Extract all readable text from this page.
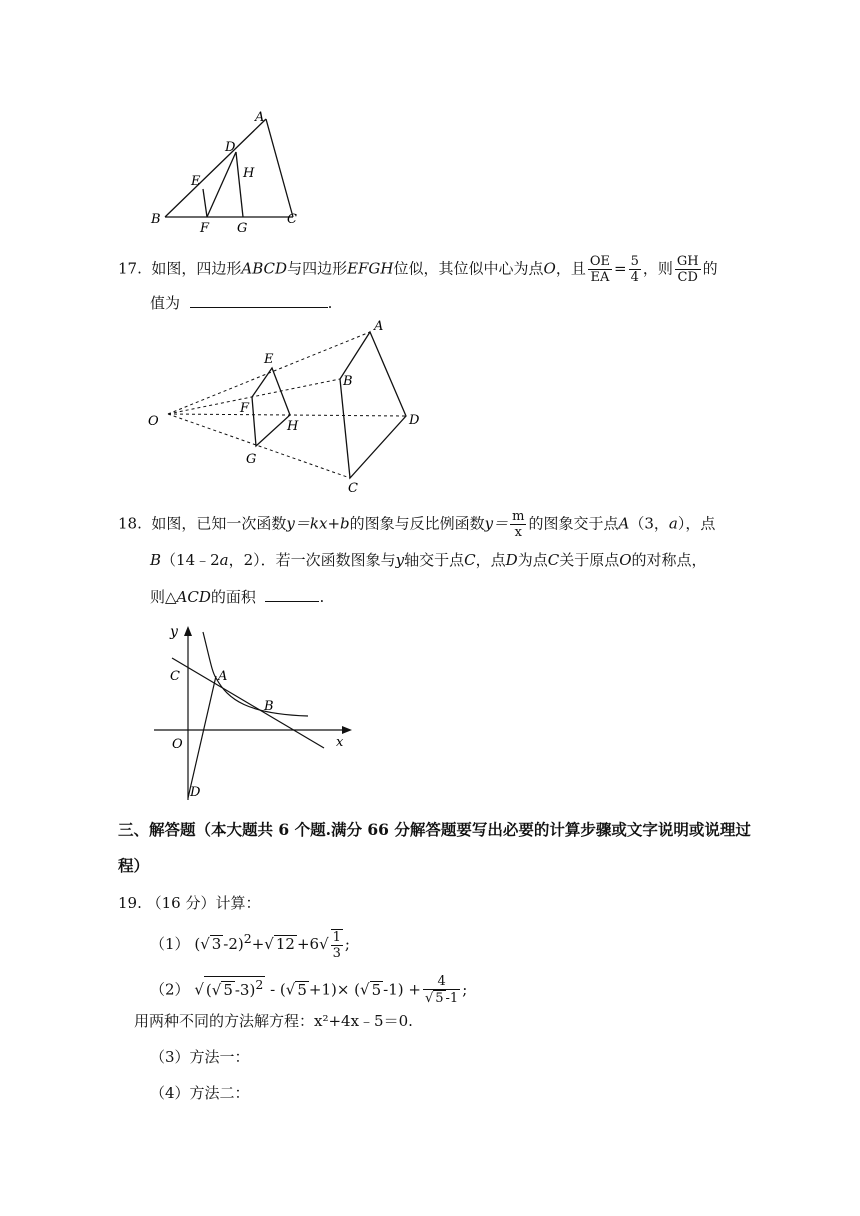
A
D
E
H
B
F G
C
17. 如图，四边形ABCD与四边形EFGH位似，其位似中心为点O，且 $\frac{OE}{EA} = \frac{5}{4}$ ，则 $\frac{GH}{CD}$ 的
值为	.
A
E
B
F
O	H	D
G
C
18. 如图，已知一次函数y＝kx+b的图象与反比例函数$y= \frac{m}{x}$ 的图象交于点A（3，a），点
B（14﹣2a，2）．若一次函数图象与y轴交于点C，点D为点C关于原点O的对称点，
则△ACD的面积	.
y
C	A
B
O	x
D
三、解答题（本大题共 6 个题.满分 66 分解答题要写出必要的计算步骤或文字说明或说理过
程）
19. （16 分）计算：
（1） (√ 3 -2)$^2$+√ $12 +6√ \frac{1}{3}$ ;
（2） √ (√ 5 -3)$^2$ - (√ 5 +1)× (√ 5 $-1) + \frac{4}{√ 5 -1}$ ;
用两种不同的方法解方程：x²+4x﹣5＝0.
（3）方法一：
（4）方法二：
